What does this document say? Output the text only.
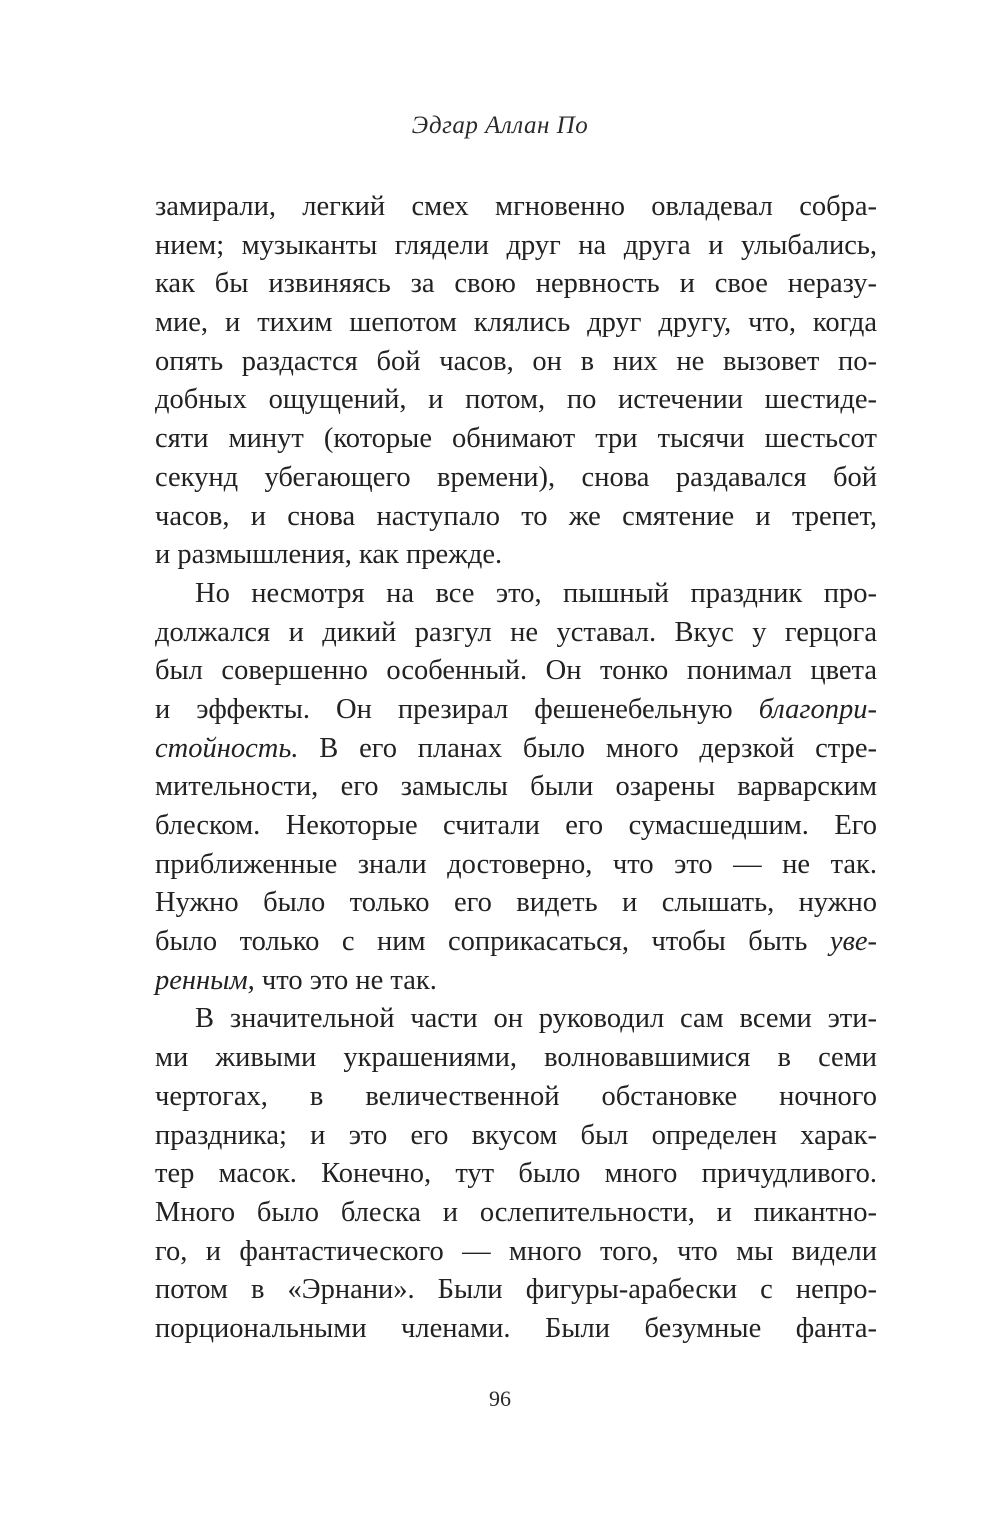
Эдгар Аллан По
замирали, легкий смех мгновенно овладевал собра-
нием; музыканты глядели друг на друга и улыбались,
как бы извиняясь за свою нервность и свое неразу-
мие, и тихим шепотом клялись друг другу, что, когда
опять раздастся бой часов, он в них не вызовет по-
добных ощущений, и потом, по истечении шестиде-
сяти минут (которые обнимают три тысячи шестьсот
секунд убегающего времени), снова раздавался бой
часов, и снова наступало то же смятение и трепет,
и размышления, как прежде.
Но несмотря на все это, пышный праздник про-
должался и дикий разгул не уставал. Вкус у герцога
был совершенно особенный. Он тонко понимал цвета
и эффекты. Он презирал фешенебельную благопри-
стойность. В его планах было много дерзкой стре-
мительности, его замыслы были озарены варварским
блеском. Некоторые считали его сумасшедшим. Его
приближенные знали достоверно, что это — не так.
Нужно было только его видеть и слышать, нужно
было только с ним соприкасаться, чтобы быть уве-
ренным, что это не так.
В значительной части он руководил сам всеми эти-
ми живыми украшениями, волновавшимися в семи
чертогах, в величественной обстановке ночного
праздника; и это его вкусом был определен харак-
тер масок. Конечно, тут было много причудливого.
Много было блеска и ослепительности, и пикантно-
го, и фантастического — много того, что мы видели
потом в «Эрнани». Были фигуры-арабески с непро-
порциональными членами. Были безумные фанта-
96
